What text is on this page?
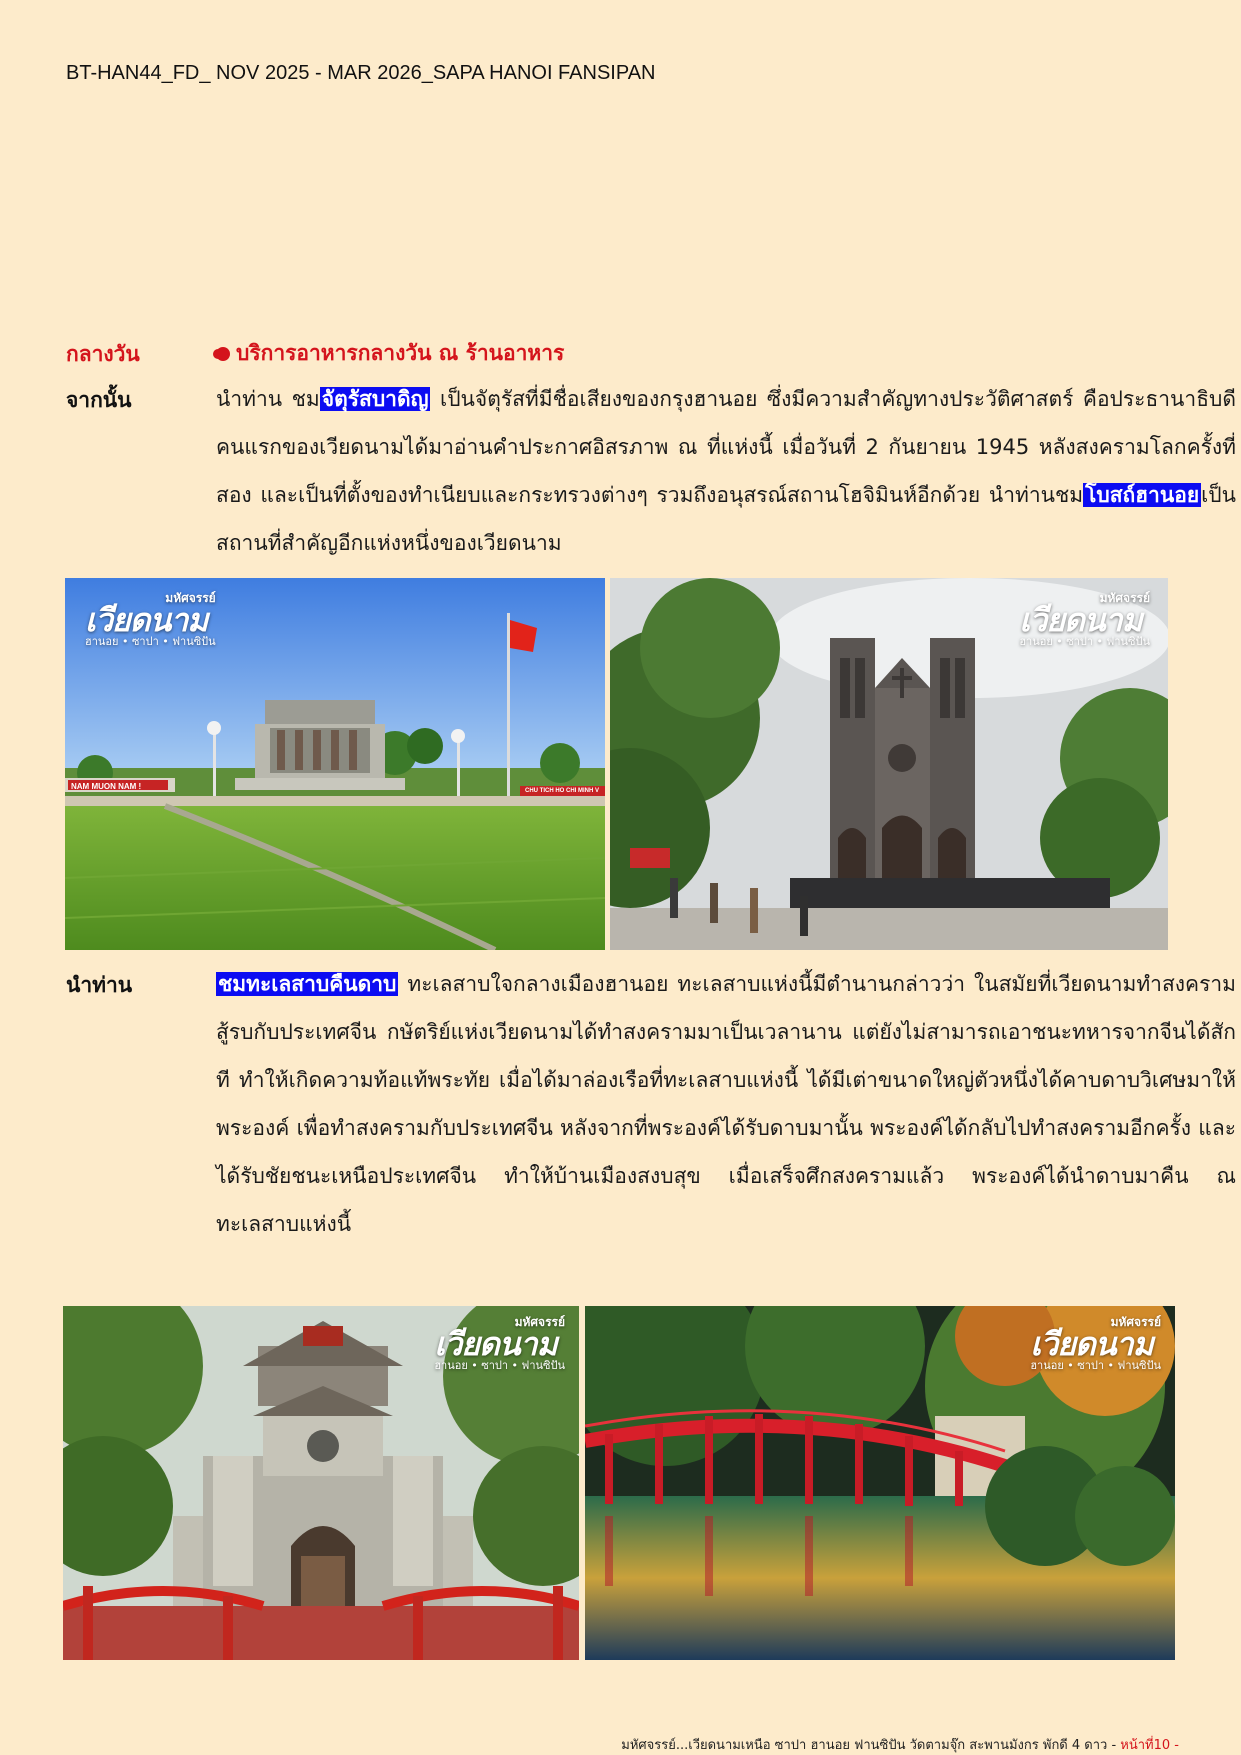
BT-HAN44_FD_ NOV 2025 - MAR 2026_SAPA HANOI FANSIPAN
กลางวัน	บริการอาหารกลางวัน ณ ร้านอาหาร
จากนั้น	นำท่าน ชมจัตุรัสบาดิญ เป็นจัตุรัสที่มีชื่อเสียงของกรุงฮานอย ซึ่งมีความสำคัญทางประวัติศาสตร์ คือประธานาธิบดีคนแรกของเวียดนามได้มาอ่านคำประกาศอิสรภาพ ณ ที่แห่งนี้ เมื่อวันที่ 2 กันยายน 1945 หลังสงครามโลกครั้งที่สอง และเป็นที่ตั้งของทำเนียบและกระทรวงต่างๆ รวมถึงอนุสรณ์สถานโฮจิมินห์อีกด้วย นำท่านชมโบสถ์ฮานอยเป็นสถานที่สำคัญอีกแห่งหนึ่งของเวียดนาม
NAM MUON NAM !	CHU TICH HO CHI MINH V
มหัศจรรย์
เวียดนาม
ฮานอย • ซาปา • ฟานซิปัน
มหัศจรรย์
เวียดนาม
ฮานอย • ซาปา • ฟานซิปัน
นำท่าน	ชมทะเลสาบคืนดาบ ทะเลสาบใจกลางเมืองฮานอย ทะเลสาบแห่งนี้มีตำนานกล่าวว่า ในสมัยที่เวียดนามทำสงครามสู้รบกับประเทศจีน กษัตริย์แห่งเวียดนามได้ทำสงครามมาเป็นเวลานาน แต่ยังไม่สามารถเอาชนะทหารจากจีนได้สักที ทำให้เกิดความท้อแท้พระทัย เมื่อได้มาล่องเรือที่ทะเลสาบแห่งนี้ ได้มีเต่าขนาดใหญ่ตัวหนึ่งได้คาบดาบวิเศษมาให้พระองค์ เพื่อทำสงครามกับประเทศจีน หลังจากที่พระองค์ได้รับดาบมานั้น พระองค์ได้กลับไปทำสงครามอีกครั้ง และได้รับชัยชนะเหนือประเทศจีน ทำให้บ้านเมืองสงบสุข เมื่อเสร็จศึกสงครามแล้ว พระองค์ได้นำดาบมาคืน ณ ทะเลสาบแห่งนี้
มหัศจรรย์
เวียดนาม
ฮานอย • ซาปา • ฟานซิปัน
มหัศจรรย์
เวียดนาม
ฮานอย • ซาปา • ฟานซิปัน
มหัศจรรย์...เวียดนามเหนือ ซาปา ฮานอย ฟานซิปัน วัดตามจุ๊ก สะพานมังกร พักดี 4 ดาว - หน้าที่10 -
